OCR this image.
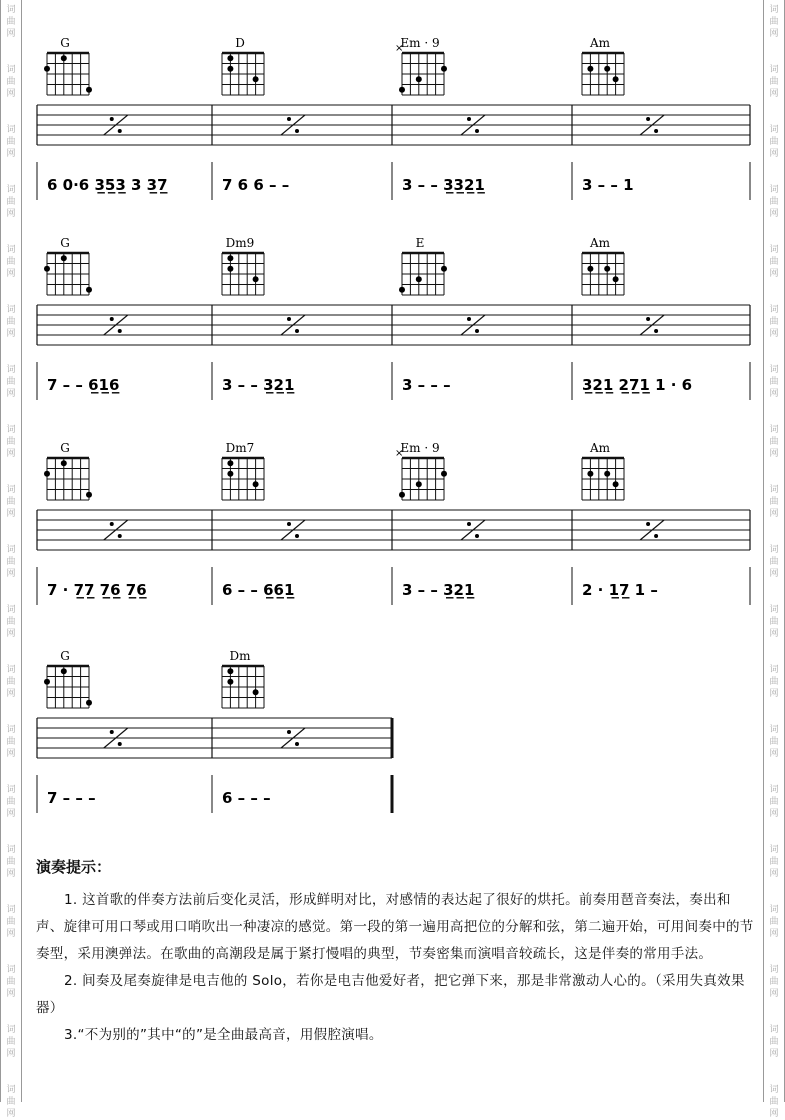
词
曲
网
词
曲
网
词
曲
网
词
曲
网
词
曲
网
词
曲
网
词
曲
网
词
曲
网
词
曲
网
词
曲
网
词
曲
网
词
曲
网
词
曲
网
词
曲
网
词
曲
网
词
曲
网
词
曲
网
词
曲
网
词
曲
网
词
曲
网
词
曲
网
词
曲
网
词
曲
网
词
曲
网
词
曲
网
词
曲
网
词
曲
网
词
曲
网
词
曲
网
词
曲
网
词
曲
网
词
曲
网
词
曲
网
词
曲
网
词
曲
网
词
曲
网
词
曲
网
词
曲
网
G	D	Em · 9
×	Am
6 0·6 3̲5̲3̲ 3 3̲7̲	7 6 6 – –	3 – – 3̲3̲2̲1̲	3 – – 1
G	Dm9	E	Am
7 – – 6̲1̲6̲	3 – – 3̲2̲1̲	3 – – –	3̲2̲1̲ 2̲7̲1̲ 1 · 6
G	Dm7	Em · 9
×	Am
7 · 7̲7̲ 7̲6̲ 7̲6̲	6 – – 6̲6̲1̲	3 – – 3̲2̲1̲	2 · 1̲7̲ 1 –
G	Dm
7 – – –	6 – – –
演奏提示：

1. 这首歌的伴奏方法前后变化灵活，形成鲜明对比，对感情的表达起了很好的烘托。前奏用琶音奏法，奏出和声、旋律可用口琴或用口哨吹出一种凄凉的感觉。第一段的第一遍用高把位的分解和弦，第二遍开始，可用间奏中的节奏型，采用澳弹法。在歌曲的高潮段是属于紧打慢唱的典型，节奏密集而演唱音较疏长，这是伴奏的常用手法。

2. 间奏及尾奏旋律是电吉他的 Solo，若你是电吉他爱好者，把它弹下来，那是非常激动人心的。（采用失真效果器）

3.“不为别的”其中“的”是全曲最高音，用假腔演唱。
